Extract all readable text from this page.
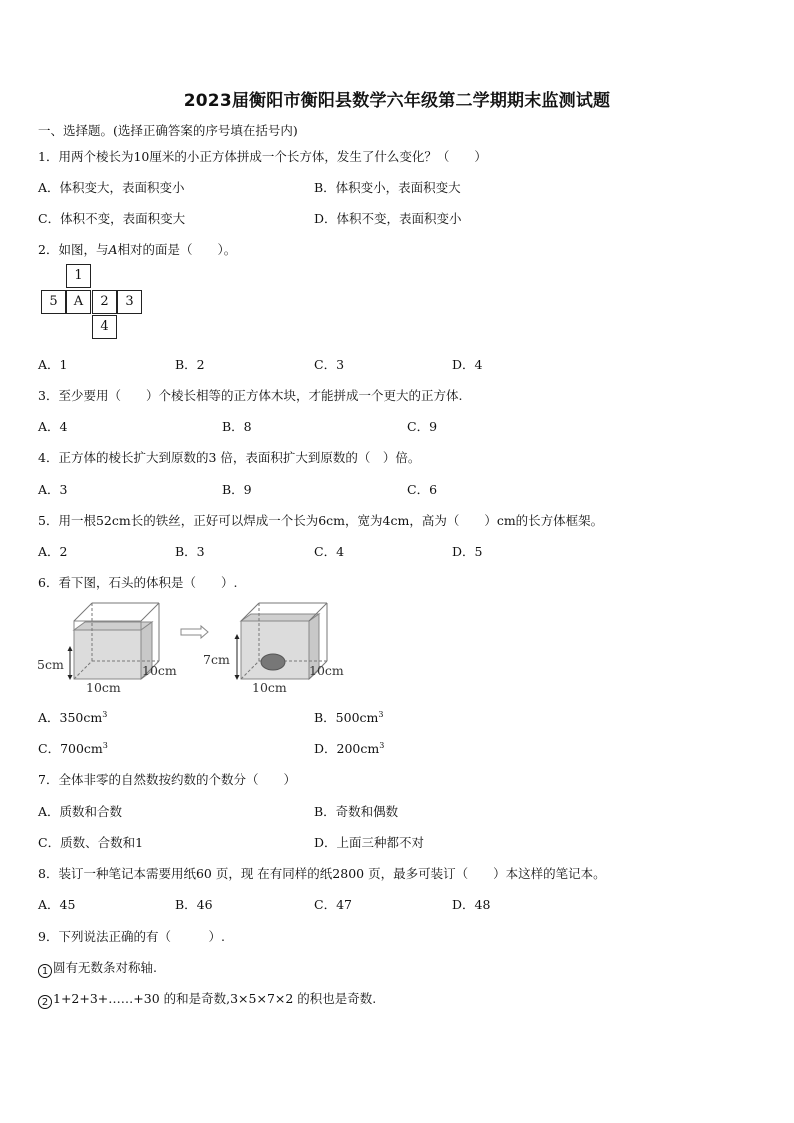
2023届衡阳市衡阳县数学六年级第二学期期末监测试题
一、选择题。(选择正确答案的序号填在括号内)
1．用两个棱长为10厘米的小正方体拼成一个长方体，发生了什么变化？（　　）
A．体积变大，表面积变小	B．体积变小，表面积变大
C．体积不变，表面积变大	D．体积不变，表面积变小
2．如图，与A相对的面是（　　）。
1
5	A	2	3
4
A．1	B．2	C．3	D．4
3．至少要用（　　）个棱长相等的正方体木块，才能拼成一个更大的正方体.
A．4	B．8	C．9
4．正方体的棱长扩大到原数的3 倍，表面积扩大到原数的（　）倍。
A．3	B．9	C．6
5．用一根52cm长的铁丝，正好可以焊成一个长为6cm，宽为4cm，高为（　　）cm的长方体框架。
A．2	B．3	C．4	D．5
6．看下图，石头的体积是（　　）.
5cm	10cm
10cm
7cm
10cm
10cm
A．$350cm^3$	B．$500cm^3$
C．$700cm^3$	D．$200cm^3$
7．全体非零的自然数按约数的个数分（　　）
A．质数和合数	B．奇数和偶数
C．质数、合数和1	D．上面三种都不对
8．装订一种笔记本需要用纸60 页，现 在有同样的纸2800 页，最多可装订（　　）本这样的笔记本。
A．45	B．46	C．47	D．48
9．下列说法正确的有（　　　）.
1 圆有无数条对称轴.
2 1+2+3+……+30 的和是奇数,3×5×7×2 的积也是奇数.
